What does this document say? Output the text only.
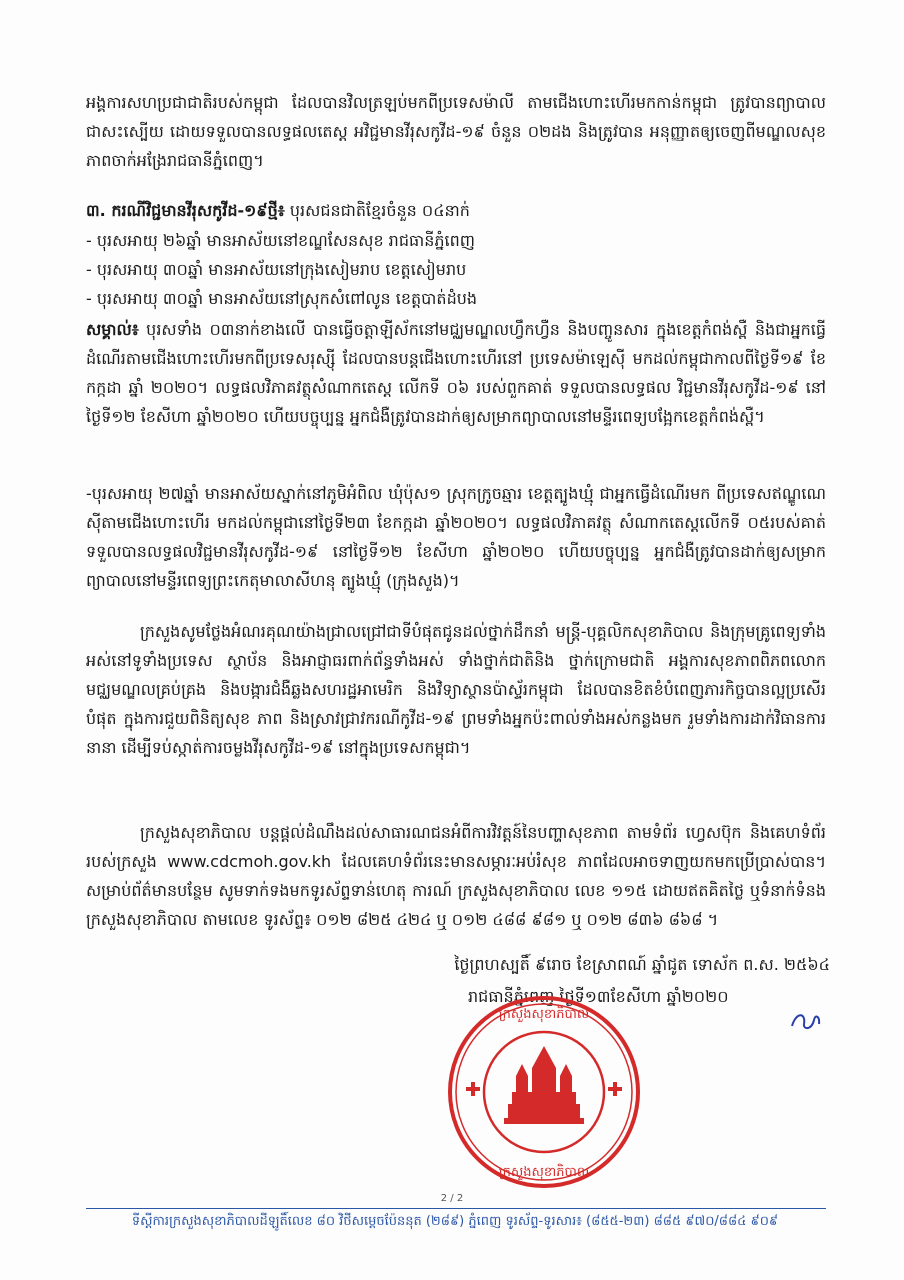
អង្គការសហប្រជាជាតិរបស់កម្ពុជា ដែលបានវិលត្រឡប់មកពីប្រទេសម៉ាលី តាមជើងហោះហើរមកកាន់កម្ពុជា ត្រូវបានព្យាបាលជាសះស្បើយ ដោយទទួលបានលទ្ធផលតេស្ត អវិជ្ជមានវីរុសកូវីដ-១៩ ចំនួន ០២ដង និងត្រូវបាន អនុញ្ញាតឲ្យចេញពីមណ្ឌលសុខភាពចាក់អង្រែរាជធានីភ្នំពេញ។
៣. ករណីវិជ្ជមានវីរុសកូវីដ-១៩ថ្មី៖ បុរសជនជាតិខ្មែរចំនួន ០៤នាក់
- បុរសអាយុ ២៦ឆ្នាំ មានអាស័យនៅខណ្ឌសែនសុខ រាជធានីភ្នំពេញ
- បុរសអាយុ ៣០ឆ្នាំ មានអាស័យនៅក្រុងសៀមរាប ខេត្តសៀមរាប
- បុរសអាយុ ៣០ឆ្នាំ មានអាស័យនៅស្រុកសំពៅលូន ខេត្តបាត់ដំបង
សម្គាល់៖ បុរសទាំង ០៣នាក់ខាងលើ បានធ្វើចត្តាឡីស័កនៅមជ្ឈមណ្ឌលហ្វឹកហ្វឺន និងបញ្ចូនសារ ក្នុងខេត្តកំពង់ស្ពឺ និងជាអ្នកធ្វើដំណើរតាមជើងហោះហើរមកពីប្រទេសរុស្ស៊ី ដែលបានបន្តជើងហោះហើរនៅ ប្រទេសម៉ាឡេស៊ី មកដល់កម្ពុជាកាលពីថ្ងៃទី១៩ ខែកក្កដា ឆ្នាំ ២០២០។ លទ្ធផលវិភាគវត្ថុសំណាកតេស្ត លើកទី ០៦ របស់ពួកគាត់ ទទួលបានលទ្ធផល វិជ្ជមានវីរុសកូវីដ-១៩ នៅថ្ងៃទី១២ ខែសីហា ឆ្នាំ២០២០ ហើយបច្ចុប្បន្ន អ្នកជំងឺត្រូវបានដាក់ឲ្យសម្រាកព្យាបាលនៅមន្ទីរពេទ្យបង្អែកខេត្តកំពង់ស្ពឺ។
-បុរសអាយុ ២៧ឆ្នាំ មានអាស័យស្នាក់នៅភូមិអំពិល ឃុំប៉ុស១ ស្រុកក្រូចឆ្មារ ខេត្តត្បូងឃ្មុំ ជាអ្នកធ្វើដំណើរមក ពីប្រទេសឥណ្ឌូណេស៊ីតាមជើងហោះហើរ មកដល់កម្ពុជានៅថ្ងៃទី២៣ ខែកក្កដា ឆ្នាំ២០២០។ លទ្ធផលវិភាគវត្ថុ សំណាកតេស្តលើកទី ០៥របស់គាត់ ទទួលបានលទ្ធផលវិជ្ជមានវីរុសកូវីដ-១៩ នៅថ្ងៃទី១២ ខែសីហា ឆ្នាំ២០២០ ហើយបច្ចុប្បន្ន អ្នកជំងឺត្រូវបានដាក់ឲ្យសម្រាកព្យាបាលនៅមន្ទីរពេទ្យព្រះកេតុមាលាសីហនុ ត្បូងឃ្មុំ (ក្រុងសួង)។
ក្រសួងសូមថ្លែងអំណរគុណយ៉ាងជ្រាលជ្រៅជាទីបំផុតជូនដល់ថ្នាក់ដឹកនាំ មន្ត្រី-បុគ្គលិកសុខាភិបាល និងក្រុមគ្រូពេទ្យទាំងអស់នៅទូទាំងប្រទេស ស្ថាប័ន និងអាជ្ញាធរពាក់ព័ន្ធទាំងអស់ ទាំងថ្នាក់ជាតិនិង ថ្នាក់ក្រោមជាតិ អង្គការសុខភាពពិភពលោក មជ្ឈមណ្ឌលគ្រប់គ្រង និងបង្ការជំងឺឆ្លងសហរដ្ឋអាមេរិក និងវិទ្យាស្ថានប៉ាស្ទ័រកម្ពុជា ដែលបានខិតខំបំពេញភារកិច្ចបានល្អប្រសើរបំផុត ក្នុងការជួយពិនិត្យសុខ ភាព និងស្រាវជ្រាវករណីកូវីដ-១៩ ព្រមទាំងអ្នកប៉ះពាល់ទាំងអស់កន្លងមក រួមទាំងការដាក់វិធានការ នានា ដើម្បីទប់ស្កាត់ការចម្លងវីរុសកូវីដ-១៩ នៅក្នុងប្រទេសកម្ពុជា។
ក្រសួងសុខាភិបាល បន្តផ្ដល់ដំណឹងដល់សាធារណជនអំពីការវិវត្តន៍នៃបញ្ហាសុខភាព តាមទំព័រ ហ្វេសប៊ុក និងគេហទំព័ររបស់ក្រសួង www.cdcmoh.gov.kh ដែលគេហទំព័រនេះមានសម្ភារៈអប់រំសុខ ភាពដែលអាចទាញយកមកប្រើប្រាស់បាន។ សម្រាប់ព័ត៌មានបន្ថែម សូមទាក់ទងមកទូរស័ព្ទទាន់ហេតុ ការណ៍ ក្រសួងសុខាភិបាល លេខ ១១៥ ដោយឥតគិតថ្លៃ ឬទំនាក់ទំនងក្រសួងសុខាភិបាល តាមលេខ ទូរស័ព្ទ៖ ០១២ ៨២៥ ៤២៤ ឬ ០១២ ៤៨៨ ៩៨១ ឬ ០១២ ៨៣៦ ៨៦៨ ។
ថ្ងៃព្រហស្បតិ៍ ៩រោច ខែស្រាពណ៍ ឆ្នាំជូត ទោស័ក ព.ស. ២៥៦៤
រាជធានីភ្នំពេញ ថ្ងៃទី១៣ខែសីហា ឆ្នាំ២០២០
ក្រសួងសុខាភិបាល
ក្រសួងសុខាភិបាល
2 / 2
ទីស្ដីការក្រសួងសុខាភិបាលដីឡូតិ៍លេខ ៨០ វិថីសម្ដេចប៉ែននុត (២៨៩) ភ្នំពេញ ទូរស័ព្ទ-ទូរសារ៖ (៨៥៥-២៣) ៨៨៥ ៩៧០/៨៨៤ ៩០៩
